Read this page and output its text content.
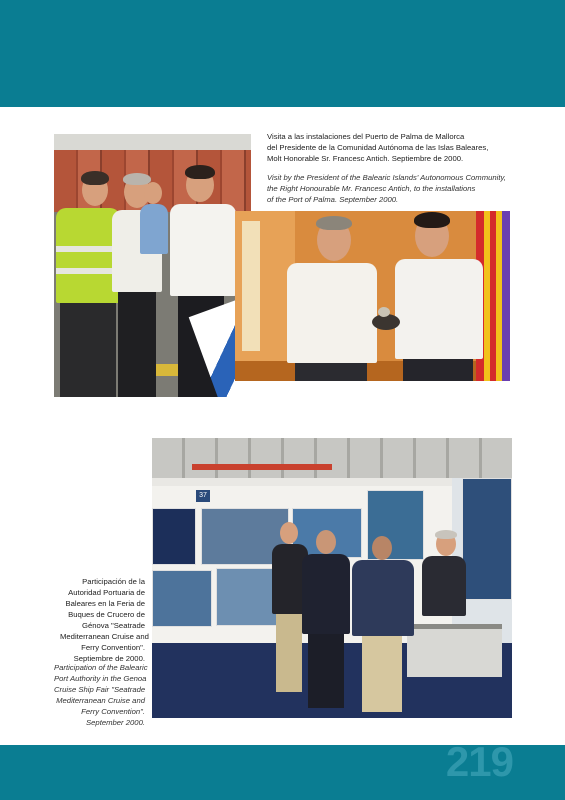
Visita a las instalaciones del Puerto de Palma de Mallorca
del Presidente de la Comunidad Autónoma de las Islas Baleares,
Molt Honorable Sr. Francesc Antich. Septiembre de 2000.

Visit by the President of the Balearic Islands' Autonomous Community,
the Right Honourable Mr. Francesc Antich, to the installations
of the Port of Palma. September 2000.

37

Participación de la
Autoridad Portuaria de
Baleares en la Feria de
Buques de Crucero de
Génova "Seatrade
Mediterranean Cruise and
Ferry Convention".
Septiembre de 2000.

Participation of the Balearic
Port Authority in the Genoa
Cruise Ship Fair "Seatrade
Mediterranean Cruise and
Ferry Convention".
September 2000.

219
